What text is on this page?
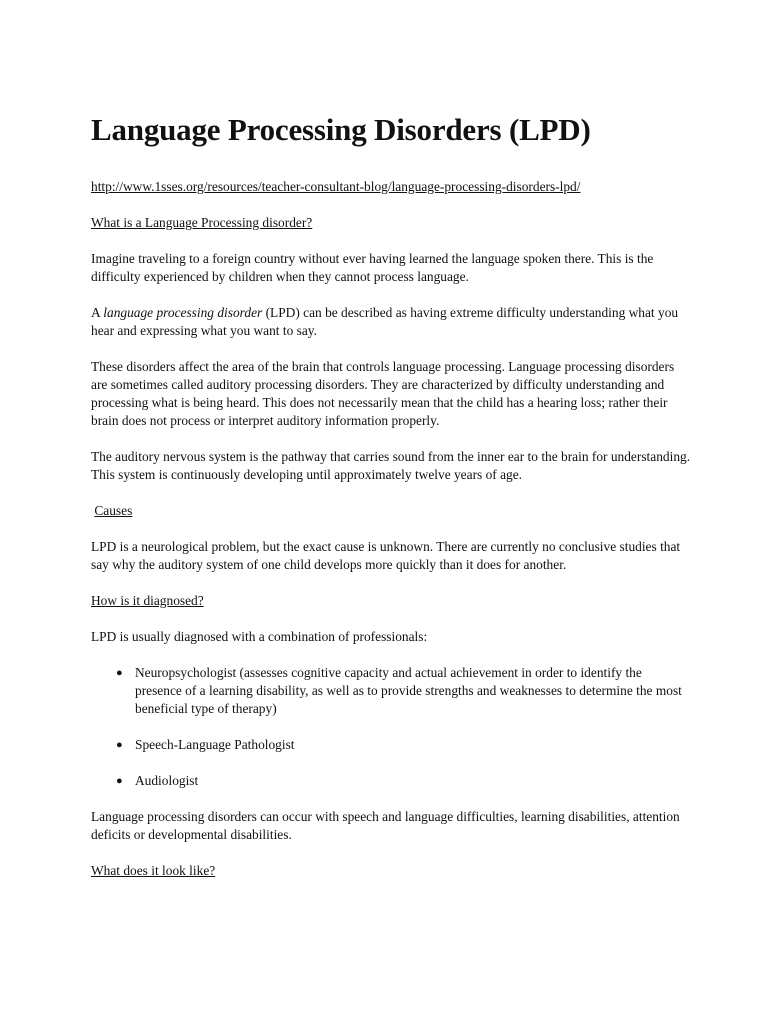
Language Processing Disorders (LPD)

http://www.1sses.org/resources/teacher-consultant-blog/language-processing-disorders-lpd/

What is a Language Processing disorder?

Imagine traveling to a foreign country without ever having learned the language spoken there. This is the difficulty experienced by children when they cannot process language.

A language processing disorder (LPD) can be described as having extreme difficulty understanding what you hear and expressing what you want to say.

These disorders affect the area of the brain that controls language processing. Language processing disorders are sometimes called auditory processing disorders. They are characterized by difficulty understanding and processing what is being heard. This does not necessarily mean that the child has a hearing loss; rather their brain does not process or interpret auditory information properly.

The auditory nervous system is the pathway that carries sound from the inner ear to the brain for understanding. This system is continuously developing until approximately twelve years of age.

Causes

LPD is a neurological problem, but the exact cause is unknown. There are currently no conclusive studies that say why the auditory system of one child develops more quickly than it does for another.

How is it diagnosed?

LPD is usually diagnosed with a combination of professionals:

● Neuropsychologist (assesses cognitive capacity and actual achievement in order to identify the presence of a learning disability, as well as to provide strengths and weaknesses to determine the most beneficial type of therapy)
● Speech-Language Pathologist
● Audiologist

Language processing disorders can occur with speech and language difficulties, learning disabilities, attention deficits or developmental disabilities.

What does it look like?
